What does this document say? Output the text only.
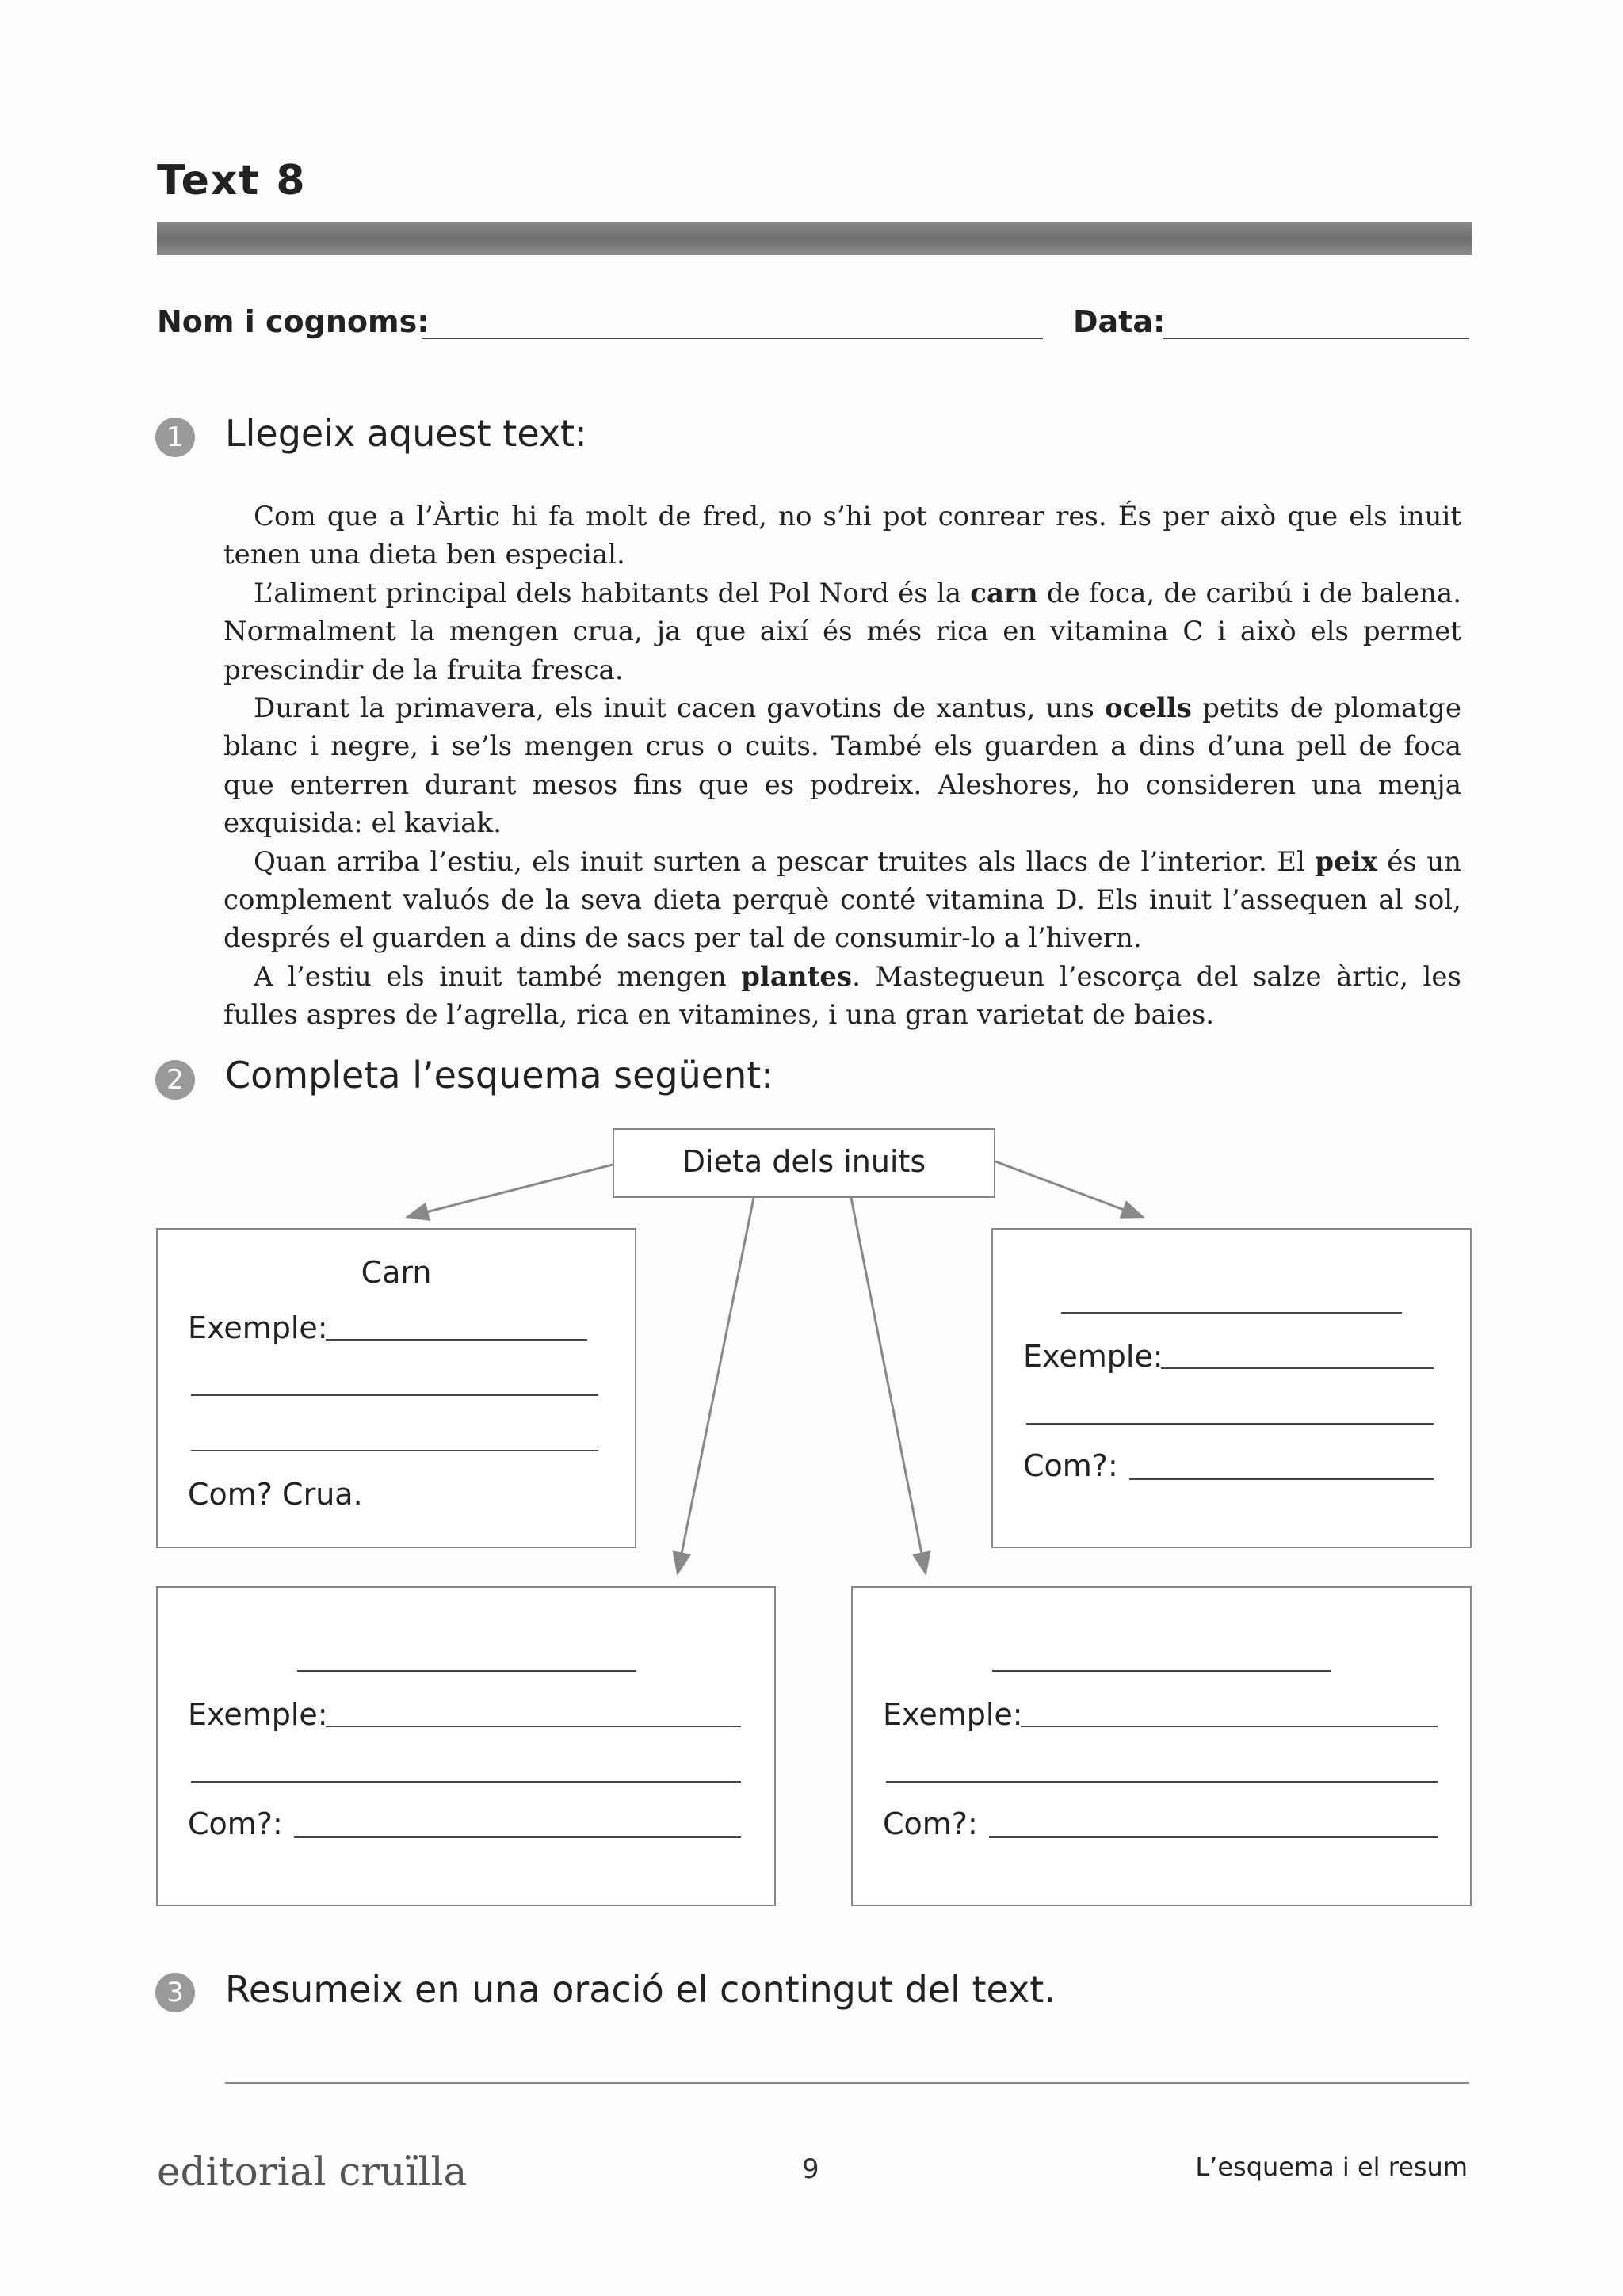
Text 8
Nom i cognoms:	Data:
1	Llegeix aquest text:

Com que a l’Àrtic hi fa molt de fred, no s’hi pot conrear res. És per això que els inuit tenen una dieta ben especial.

L’aliment principal dels habitants del Pol Nord és la carn de foca, de caribú i de balena. Normalment la mengen crua, ja que així és més rica en vitamina C i això els permet prescindir de la fruita fresca.

Durant la primavera, els inuit cacen gavotins de xantus, uns ocells petits de plomatge blanc i negre, i se’ls mengen crus o cuits. També els guarden a dins d’una pell de foca que enterren durant mesos fins que es podreix. Aleshores, ho consideren una menja exquisida: el kaviak.

Quan arriba l’estiu, els inuit surten a pescar truites als llacs de l’interior. El peix és un complement valuós de la seva dieta perquè conté vitamina D. Els inuit l’assequen al sol, després el guarden a dins de sacs per tal de consumir-lo a l’hivern.

A l’estiu els inuit també mengen plantes. Mastegueun l’escorça del salze àrtic, les fulles aspres de l’agrella, rica en vitamines, i una gran varietat de baies.

2	Completa l’esquema següent:
Dieta dels inuits
Carn
Exemple:
Com? Crua.
Exemple:
Com?:
Exemple:
Com?:
Exemple:
Com?:
3	Resumeix en una oració el contingut del text.
editorial cruïlla	9	L’esquema i el resum
